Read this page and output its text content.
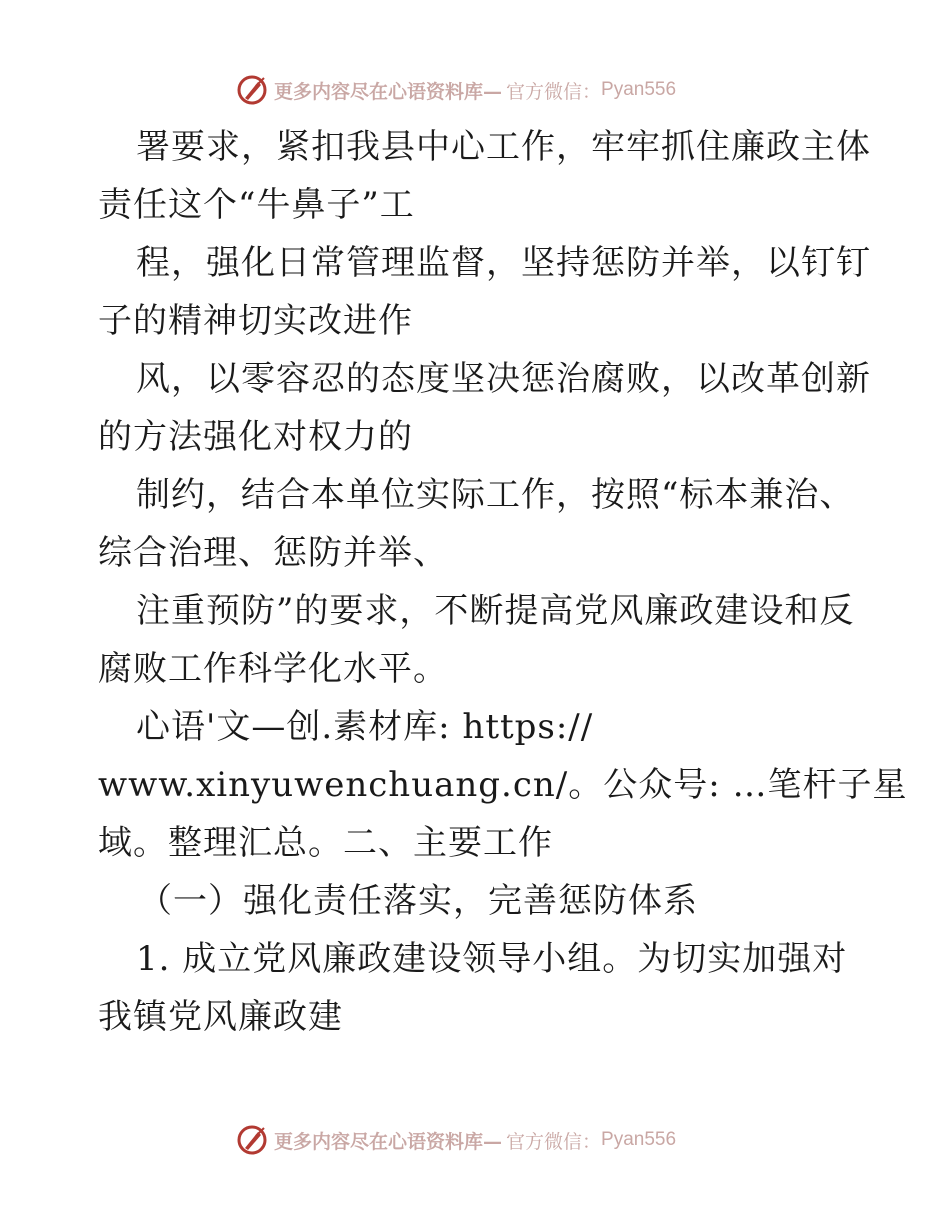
更多内容尽在心语资料库— 官方微信： Pyan556
署要求，紧扣我县中心工作，牢牢抓住廉政主体
责任这个“牛鼻子”工
程，强化日常管理监督，坚持惩防并举，以钉钉
子的精神切实改进作
风，以零容忍的态度坚决惩治腐败，以改革创新
的方法强化对权力的
制约，结合本单位实际工作，按照“标本兼治、
综合治理、惩防并举、
注重预防”的要求，不断提高党风廉政建设和反
腐败工作科学化水平。
心语'文—创.素材库: https://
www.xinyuwenchuang.cn/。公众号: …笔杆子星
域。整理汇总。二、主要工作
（一）强化责任落实，完善惩防体系
1. 成立党风廉政建设领导小组。为切实加强对
我镇党风廉政建
更多内容尽在心语资料库— 官方微信： Pyan556
